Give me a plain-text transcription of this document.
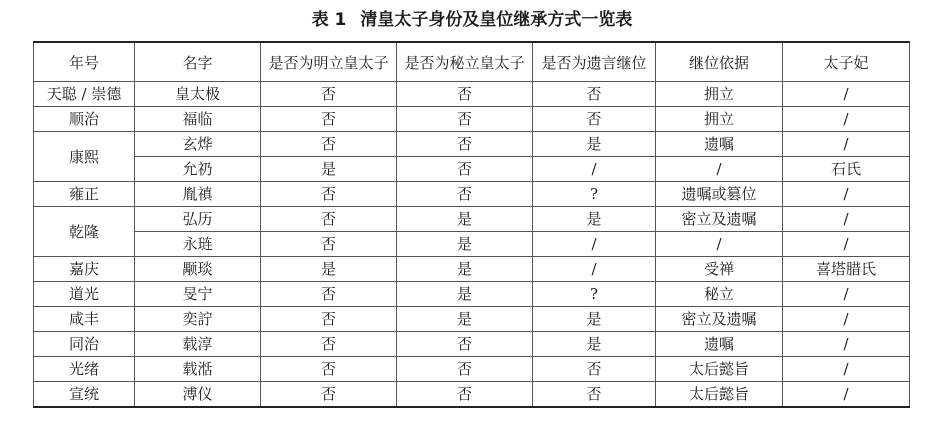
表 1 清皇太子身份及皇位继承方式一览表
年号	名字	是否为明立皇太子	是否为秘立皇太子	是否为遗言继位	继位依据	太子妃
天聪 / 崇德	皇太极	否	否	否	拥立	/
顺治	福临	否	否	否	拥立	/
康熙	玄烨	否	否	是	遗嘱	/
	允礽	是	否	/	/	石氏
雍正	胤禛	否	否	?	遗嘱或篡位	/
乾隆	弘历	否	是	是	密立及遗嘱	/
	永琏	否	是	/	/	/
嘉庆	颙琰	是	是	/	受禅	喜塔腊氏
道光	旻宁	否	是	?	秘立	/
咸丰	奕詝	否	是	是	密立及遗嘱	/
同治	载淳	否	否	是	遗嘱	/
光绪	载湉	否	否	否	太后懿旨	/
宣统	溥仪	否	否	否	太后懿旨	/
